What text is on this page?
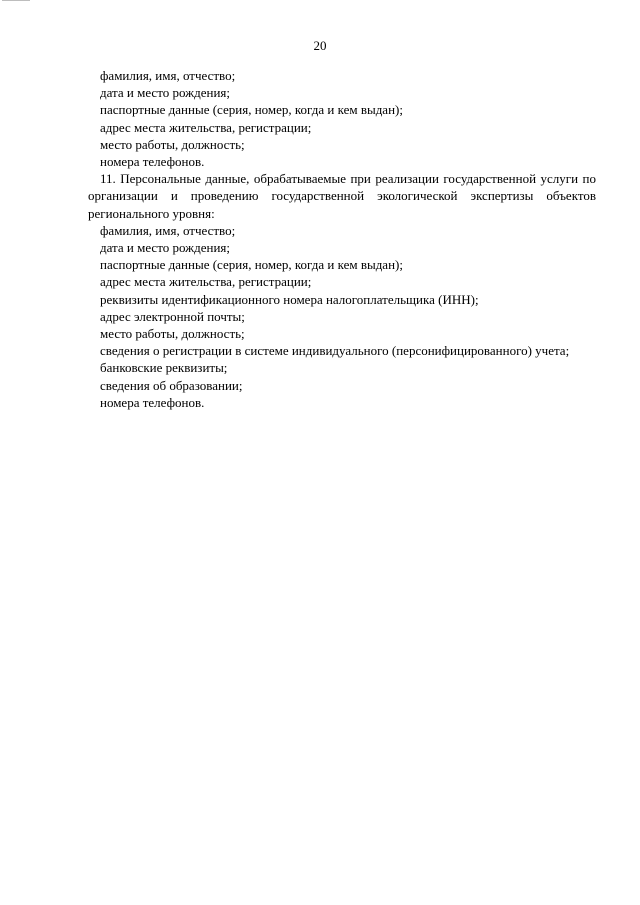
20
фамилия, имя, отчество;
дата и место рождения;
паспортные данные (серия, номер, когда и кем выдан);
адрес места жительства, регистрации;
место работы, должность;
номера телефонов.
11. Персональные данные, обрабатываемые при реализации государственной услуги по организации и проведению государственной экологической экспертизы объектов регионального уровня:
фамилия, имя, отчество;
дата и место рождения;
паспортные данные (серия, номер, когда и кем выдан);
адрес места жительства, регистрации;
реквизиты идентификационного номера налогоплательщика (ИНН);
адрес электронной почты;
место работы, должность;
сведения о регистрации в системе индивидуального (персонифицированного) учета;
банковские реквизиты;
сведения об образовании;
номера телефонов.
